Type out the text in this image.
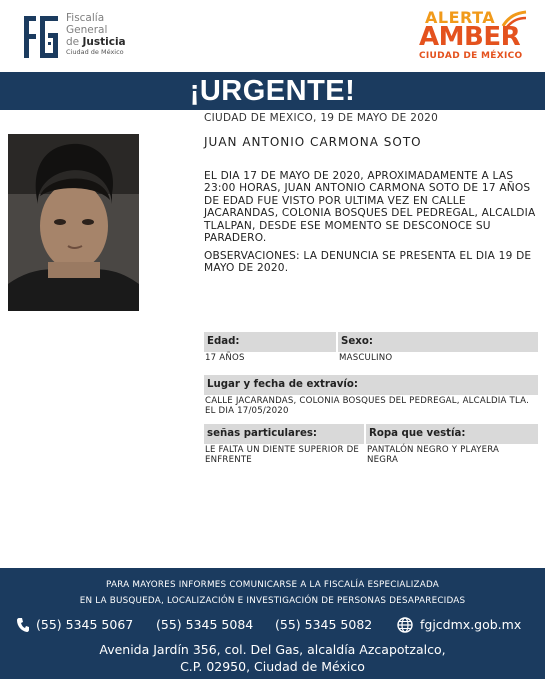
Fiscalía
General
de Justicia
Ciudad de México
ALERTA
AMBER
CIUDAD DE MÉXICO
¡URGENTE!
CIUDAD DE MEXICO, 19 DE MAYO DE 2020
JUAN ANTONIO CARMONA SOTO
EL DIA 17 DE MAYO DE 2020, APROXIMADAMENTE A LAS 23:00 HORAS, JUAN ANTONIO CARMONA SOTO DE 17 AÑOS DE EDAD FUE VISTO POR ULTIMA VEZ EN CALLE JACARANDAS, COLONIA BOSQUES DEL PEDREGAL, ALCALDIA TLALPAN, DESDE ESE MOMENTO SE DESCONOCE SU PARADERO.
OBSERVACIONES: LA DENUNCIA SE PRESENTA EL DIA 19 DE MAYO DE 2020.
Edad:	Sexo:
17 AÑOS	MASCULINO
Lugar y fecha de extravío:
CALLE JACARANDAS, COLONIA BOSQUES DEL PEDREGAL, ALCALDIA TLA. EL DIA 17/05/2020
señas particulares:	Ropa que vestía:
LE FALTA UN DIENTE SUPERIOR DE ENFRENTE
PANTALÓN NEGRO Y PLAYERA NEGRA
PARA MAYORES INFORMES COMUNICARSE A LA FISCALÍA ESPECIALIZADA
EN LA BUSQUEDA, LOCALIZACIÓN E INVESTIGACIÓN DE PERSONAS DESAPARECIDAS
(55) 5345 5067 (55) 5345 5084 (55) 5345 5082	fgjcdmx.gob.mx
Avenida Jardín 356, col. Del Gas, alcaldía Azcapotzalco,
C.P. 02950, Ciudad de México
